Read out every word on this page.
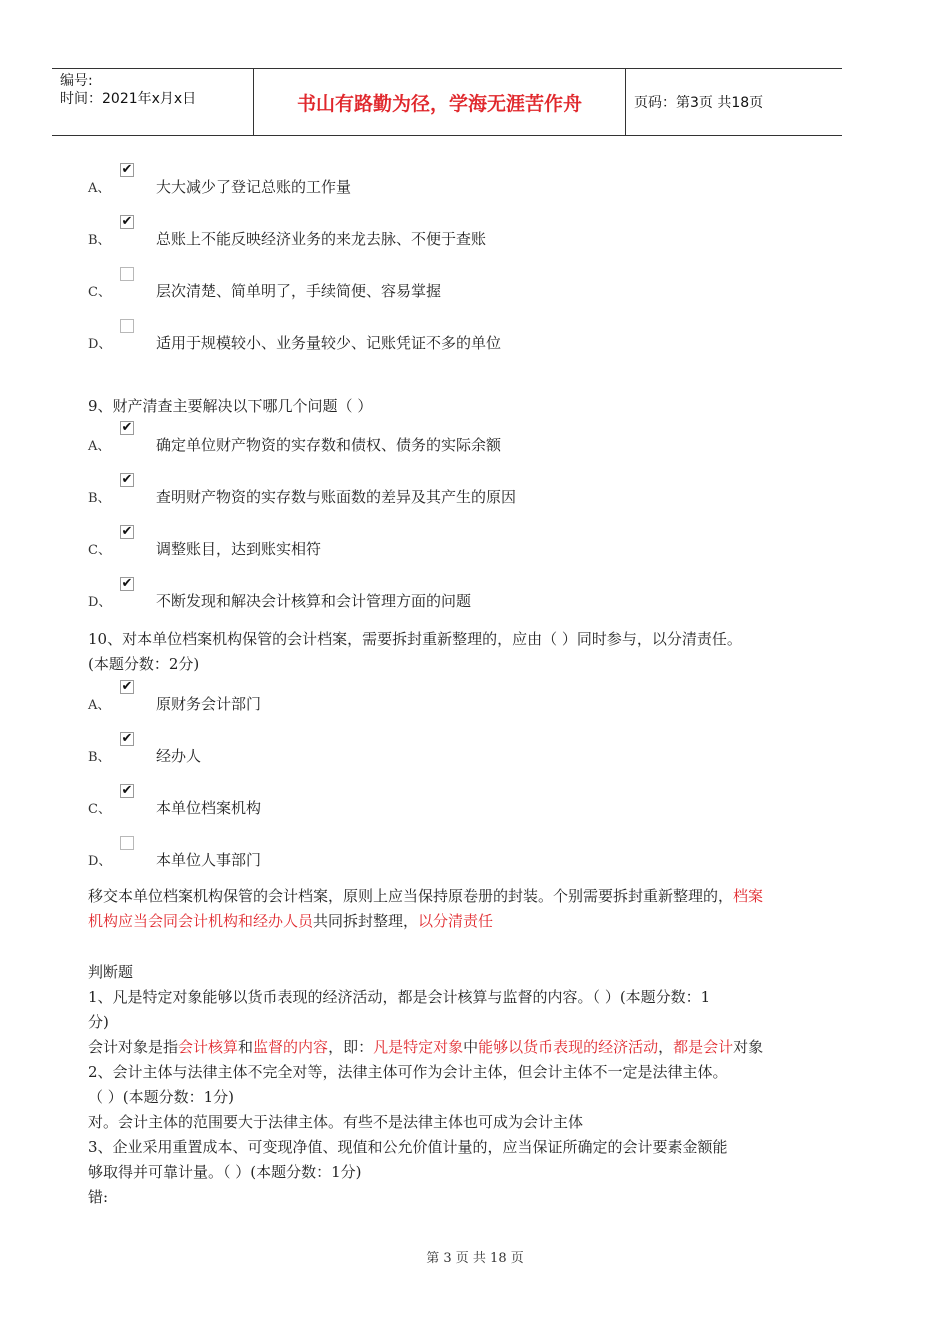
编号:
时间：2021年x月x日	书山有路勤为径，学海无涯苦作舟	页码：第3页 共18页
A、
✔
大大减少了登记总账的工作量
B、
✔
总账上不能反映经济业务的来龙去脉、不便于查账
C、	层次清楚、简单明了，手续简便、容易掌握
D、	适用于规模较小、业务量较少、记账凭证不多的单位
9、财产清查主要解决以下哪几个问题（ ）
A、
✔
确定单位财产物资的实存数和债权、债务的实际余额
B、
✔
查明财产物资的实存数与账面数的差异及其产生的原因
C、
✔
调整账目，达到账实相符
D、
✔
不断发现和解决会计核算和会计管理方面的问题
10、对本单位档案机构保管的会计档案，需要拆封重新整理的，应由（ ）同时参与，以分清责任。
(本题分数：2分)
A、
✔
原财务会计部门
B、
✔
经办人
C、
✔
本单位档案机构
D、	本单位人事部门
移交本单位档案机构保管的会计档案，原则上应当保持原卷册的封装。个别需要拆封重新整理的，档案
机构应当会同会计机构和经办人员共同拆封整理，以分清责任
判断题
1、凡是特定对象能够以货币表现的经济活动，都是会计核算与监督的内容。（ ）(本题分数：1
分)
会计对象是指会计核算和监督的内容，即：凡是特定对象中能够以货币表现的经济活动，都是会计对象
2、会计主体与法律主体不完全对等，法律主体可作为会计主体，但会计主体不一定是法律主体。
（ ）(本题分数：1分)
对。会计主体的范围要大于法律主体。有些不是法律主体也可成为会计主体
3、企业采用重置成本、可变现净值、现值和公允价值计量的，应当保证所确定的会计要素金额能
够取得并可靠计量。（ ）(本题分数：1分)
错:
第 3 页 共 18 页
